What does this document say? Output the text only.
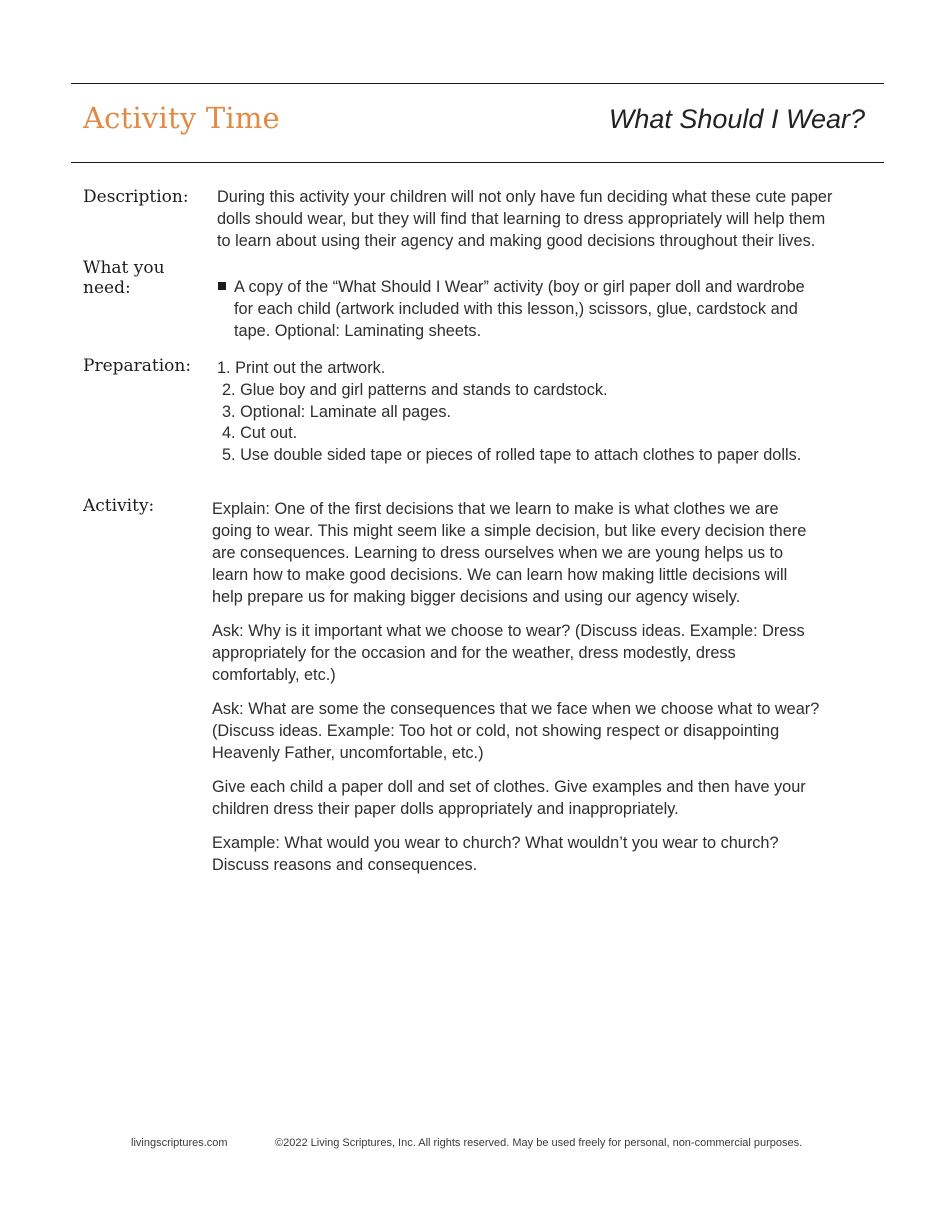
Activity Time	What Should I Wear?
Description: During this activity your children will not only have fun deciding what these cute paper
dolls should wear, but they will find that learning to dress appropriately will help them
to learn about using their agency and making good decisions throughout their lives.
What you
need:	A copy of the “What Should I Wear” activity (boy or girl paper doll and wardrobe
for each child (artwork included with this lesson,) scissors, glue, cardstock and
tape. Optional: Laminating sheets.
Preparation: 1. Print out the artwork.
2. Glue boy and girl patterns and stands to cardstock.
3. Optional: Laminate all pages.
4. Cut out.
5. Use double sided tape or pieces of rolled tape to attach clothes to paper dolls.
Activity:	Explain: One of the first decisions that we learn to make is what clothes we are
going to wear. This might seem like a simple decision, but like every decision there
are consequences. Learning to dress ourselves when we are young helps us to
learn how to make good decisions. We can learn how making little decisions will
help prepare us for making bigger decisions and using our agency wisely.

Ask: Why is it important what we choose to wear? (Discuss ideas. Example: Dress
appropriately for the occasion and for the weather, dress modestly, dress
comfortably, etc.)

Ask: What are some the consequences that we face when we choose what to wear?
(Discuss ideas. Example: Too hot or cold, not showing respect or disappointing
Heavenly Father, uncomfortable, etc.)

Give each child a paper doll and set of clothes. Give examples and then have your
children dress their paper dolls appropriately and inappropriately.

Example: What would you wear to church? What wouldn’t you wear to church?
Discuss reasons and consequences.

livingscriptures.com	©2022 Living Scriptures, Inc. All rights reserved. May be used freely for personal, non-commercial purposes.
